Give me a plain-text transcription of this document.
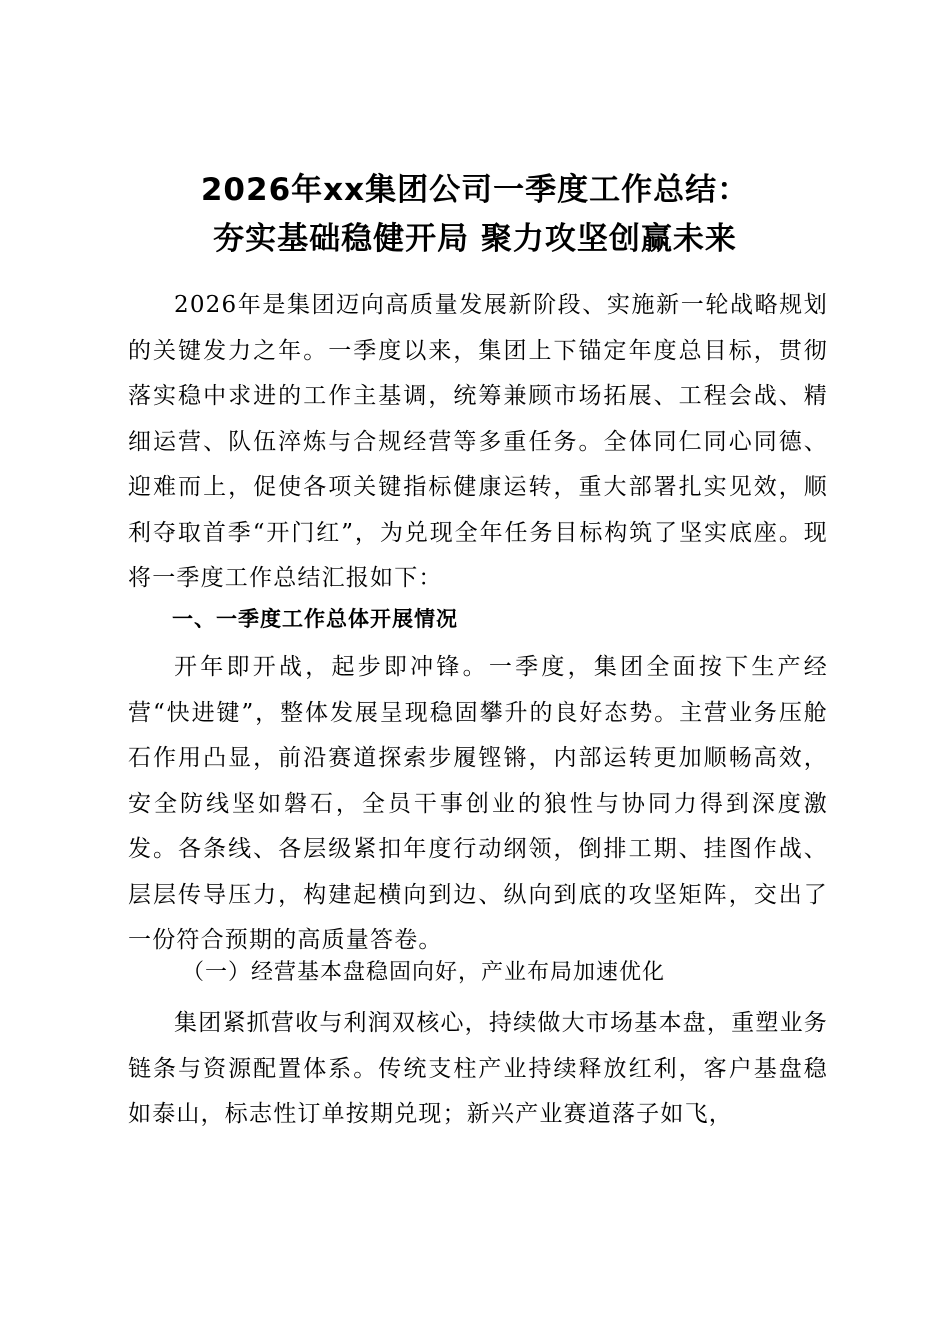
2026年xx集团公司一季度工作总结：
夯实基础稳健开局 聚力攻坚创赢未来

2026年是集团迈向高质量发展新阶段、实施新一轮战略规划的关键发力之年。一季度以来，集团上下锚定年度总目标，贯彻落实稳中求进的工作主基调，统筹兼顾市场拓展、工程会战、精细运营、队伍淬炼与合规经营等多重任务。全体同仁同心同德、迎难而上，促使各项关键指标健康运转，重大部署扎实见效，顺利夺取首季“开门红”，为兑现全年任务目标构筑了坚实底座。现将一季度工作总结汇报如下：

一、一季度工作总体开展情况

开年即开战，起步即冲锋。一季度，集团全面按下生产经营“快进键”，整体发展呈现稳固攀升的良好态势。主营业务压舱石作用凸显，前沿赛道探索步履铿锵，内部运转更加顺畅高效，安全防线坚如磐石，全员干事创业的狼性与协同力得到深度激发。各条线、各层级紧扣年度行动纲领，倒排工期、挂图作战、层层传导压力，构建起横向到边、纵向到底的攻坚矩阵，交出了一份符合预期的高质量答卷。

（一）经营基本盘稳固向好，产业布局加速优化

集团紧抓营收与利润双核心，持续做大市场基本盘，重塑业务链条与资源配置体系。传统支柱产业持续释放红利，客户基盘稳如泰山，标志性订单按期兑现；新兴产业赛道落子如飞，
